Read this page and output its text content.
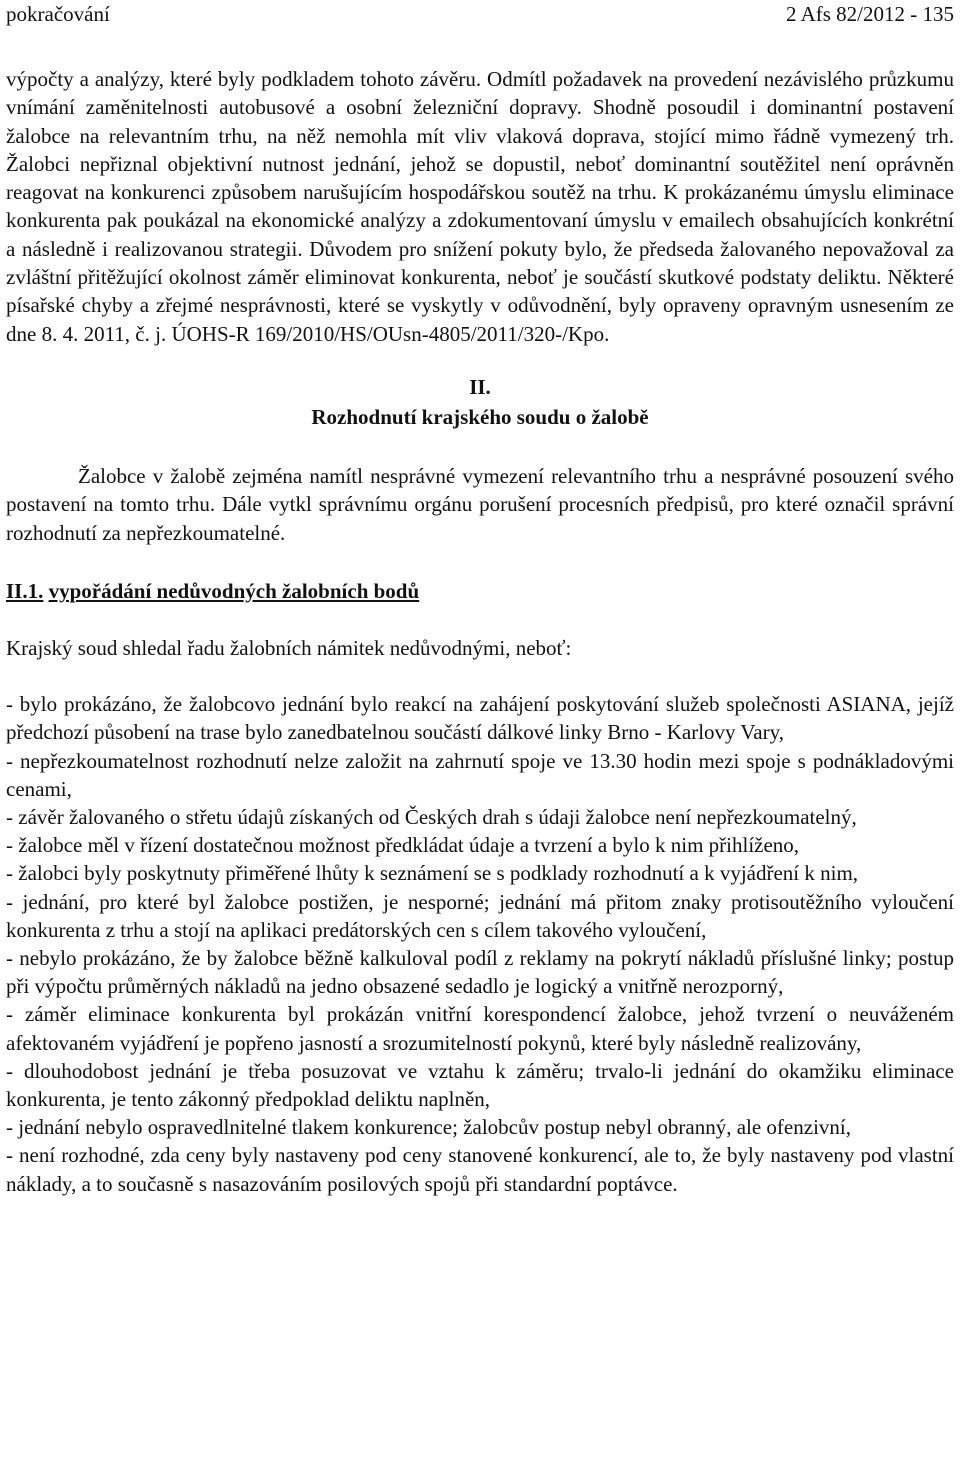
pokračování	2 Afs 82/2012 - 135

výpočty a analýzy, které byly podkladem tohoto závěru. Odmítl požadavek na provedení nezávislého průzkumu vnímání zaměnitelnosti autobusové a osobní železniční dopravy. Shodně posoudil i dominantní postavení žalobce na relevantním trhu, na něž nemohla mít vliv vlaková doprava, stojící mimo řádně vymezený trh. Žalobci nepřiznal objektivní nutnost jednání, jehož se dopustil, neboť dominantní soutěžitel není oprávněn reagovat na konkurenci způsobem narušujícím hospodářskou soutěž na trhu. K prokázanému úmyslu eliminace konkurenta pak poukázal na ekonomické analýzy a zdokumentovaní úmyslu v emailech obsahujících konkrétní a následně i realizovanou strategii. Důvodem pro snížení pokuty bylo, že předseda žalovaného nepovažoval za zvláštní přitěžující okolnost záměr eliminovat konkurenta, neboť je součástí skutkové podstaty deliktu. Některé písařské chyby a zřejmé nesprávnosti, které se vyskytly v odůvodnění, byly opraveny opravným usnesením ze dne 8. 4. 2011, č. j. ÚOHS-R 169/2010/HS/OUsn-4805/2011/320-/Kpo.

II.
Rozhodnutí krajského soudu o žalobě

Žalobce v žalobě zejména namítl nesprávné vymezení relevantního trhu a nesprávné posouzení svého postavení na tomto trhu. Dále vytkl správnímu orgánu porušení procesních předpisů, pro které označil správní rozhodnutí za nepřezkoumatelné.

II.1. vypořádání nedůvodných žalobních bodů

Krajský soud shledal řadu žalobních námitek nedůvodnými, neboť:

- bylo prokázáno, že žalobcovo jednání bylo reakcí na zahájení poskytování služeb společnosti ASIANA, jejíž předchozí působení na trase bylo zanedbatelnou součástí dálkové linky Brno - Karlovy Vary,

- nepřezkoumatelnost rozhodnutí nelze založit na zahrnutí spoje ve 13.30 hodin mezi spoje s podnákladovými cenami,

- závěr žalovaného o střetu údajů získaných od Českých drah s údaji žalobce není nepřezkoumatelný,

- žalobce měl v řízení dostatečnou možnost předkládat údaje a tvrzení a bylo k nim přihlíženo,

- žalobci byly poskytnuty přiměřené lhůty k seznámení se s podklady rozhodnutí a k vyjádření k nim,

- jednání, pro které byl žalobce postižen, je nesporné; jednání má přitom znaky protisoutěžního vyloučení konkurenta z trhu a stojí na aplikaci predátorských cen s cílem takového vyloučení,

- nebylo prokázáno, že by žalobce běžně kalkuloval podíl z reklamy na pokrytí nákladů příslušné linky; postup při výpočtu průměrných nákladů na jedno obsazené sedadlo je logický a vnitřně nerozporný,

- záměr eliminace konkurenta byl prokázán vnitřní korespondencí žalobce, jehož tvrzení o neuváženém afektovaném vyjádření je popřeno jasností a srozumitelností pokynů, které byly následně realizovány,

- dlouhodobost jednání je třeba posuzovat ve vztahu k záměru; trvalo-li jednání do okamžiku eliminace konkurenta, je tento zákonný předpoklad deliktu naplněn,

- jednání nebylo ospravedlnitelné tlakem konkurence; žalobcův postup nebyl obranný, ale ofenzivní,

- není rozhodné, zda ceny byly nastaveny pod ceny stanovené konkurencí, ale to, že byly nastaveny pod vlastní náklady, a to současně s nasazováním posilových spojů při standardní poptávce.
